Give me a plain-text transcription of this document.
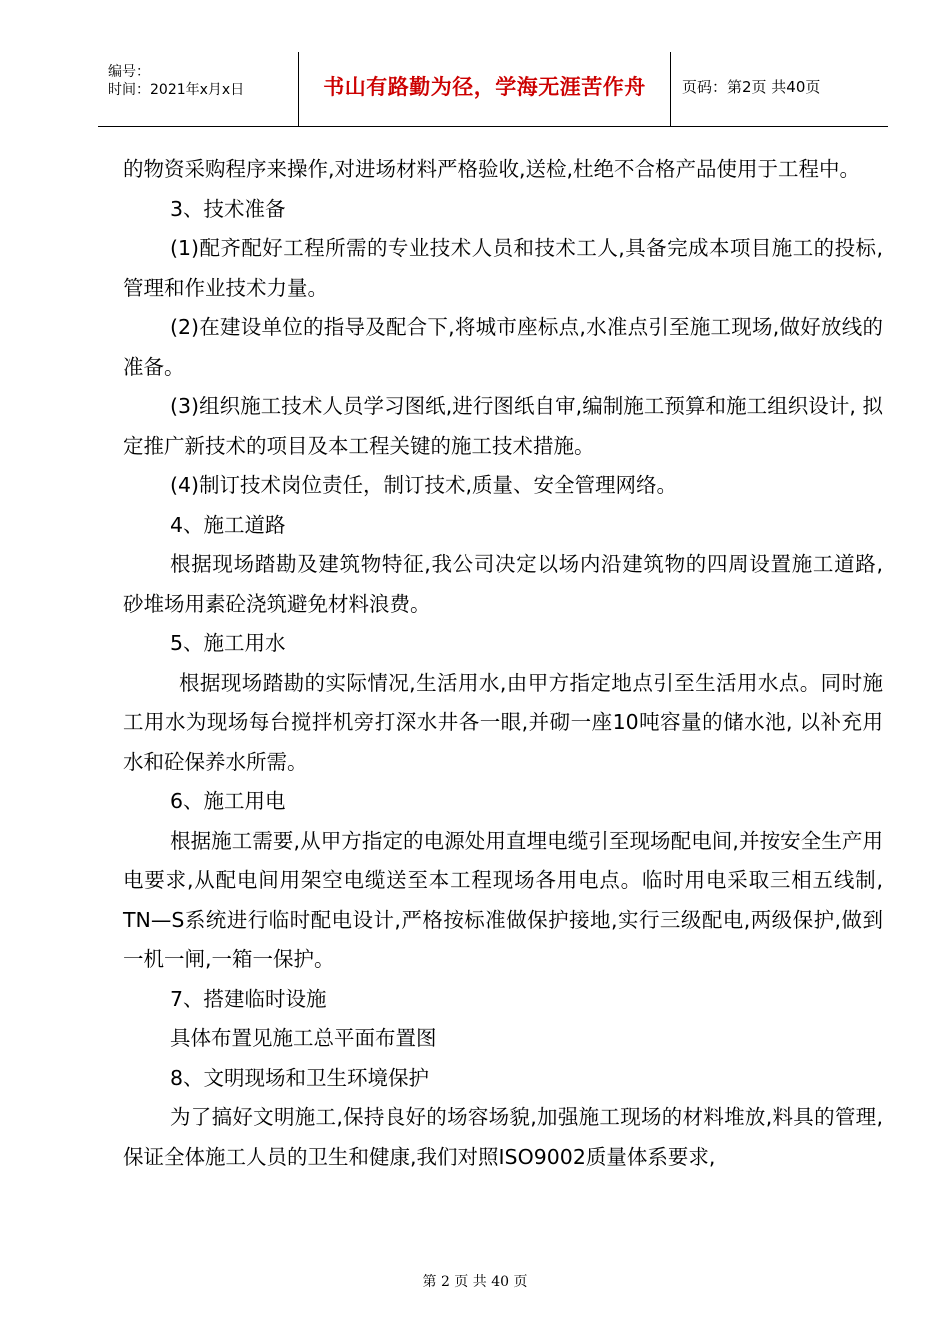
编号：
时间：2021年x月x日	书山有路勤为径，学海无涯苦作舟	页码：第2页 共40页

的物资采购程序来操作,对进场材料严格验收,送检,杜绝不合格产品使用于工程中。

3、技术准备

(1)配齐配好工程所需的专业技术人员和技术工人,具备完成本项目施工的投标,管理和作业技术力量。

(2)在建设单位的指导及配合下,将城市座标点,水准点引至施工现场,做好放线的准备。

(3)组织施工技术人员学习图纸,进行图纸自审,编制施工预算和施工组织设计, 拟定推广新技术的项目及本工程关键的施工技术措施。

(4)制订技术岗位责任，制订技术,质量、安全管理网络。

4、施工道路

根据现场踏勘及建筑物特征,我公司决定以场内沿建筑物的四周设置施工道路, 砂堆场用素砼浇筑避免材料浪费。

5、施工用水

根据现场踏勘的实际情况,生活用水,由甲方指定地点引至生活用水点。同时施工用水为现场每台搅拌机旁打深水井各一眼,并砌一座10吨容量的储水池, 以补充用水和砼保养水所需。

6、施工用电

根据施工需要,从甲方指定的电源处用直埋电缆引至现场配电间,并按安全生产用电要求,从配电间用架空电缆送至本工程现场各用电点。临时用电采取三相五线制, TN—S系统进行临时配电设计,严格按标准做保护接地,实行三级配电,两级保护,做到一机一闸,一箱一保护。

7、搭建临时设施

具体布置见施工总平面布置图

8、文明现场和卫生环境保护

为了搞好文明施工,保持良好的场容场貌,加强施工现场的材料堆放,料具的管理,保证全体施工人员的卫生和健康,我们对照ISO9002质量体系要求,

第 2 页 共 40 页
